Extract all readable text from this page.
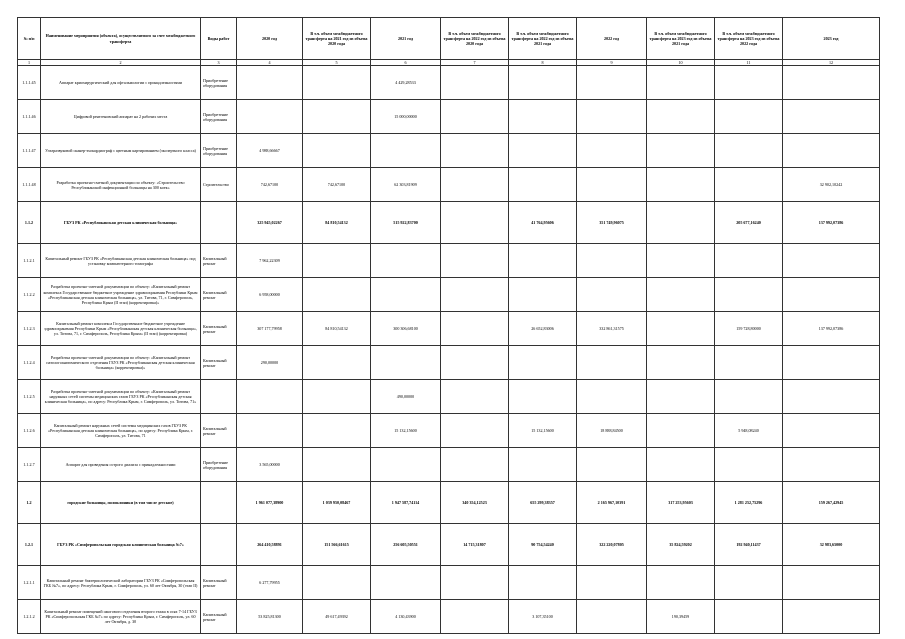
№ п/п	Наименование мероприятия (объекта), осуществляемого за счет межбюджетного трансферта	Виды работ	2020 год	В т.ч. объем межбюджетного трансферта на 2021 год из объема 2020 года	2021 год	В т.ч. объем межбюджетного трансферта на 2022 год из объема 2020 года	В т.ч. объем межбюджетного трансферта на 2022 год из объема 2021 года	2022 год	В т.ч. объем межбюджетного трансферта на 2023 год из объема 2021 года	В т.ч. объем межбюджетного трансферта на 2023 год из объема 2022 года	2023 год
1	2	3	4	5	6	7	8	9	10	11	12
1.1.1.45	Аппарат криохирургический для офтальмологии с принадлежностями	Приобретение оборудования			4 429,28533						
1.1.1.46	Цифровой рентгеновский аппарат на 2 рабочих места	Приобретение оборудования			15 000,00000						
1.1.1.47	Ультразвуковой сканер-эхокардиограф с цветным картированием (экспертного класса)	Приобретение оборудования	4 988,66667								
1.1.1.48	Разработка проектно-сметной документации по объекту: «Строительство Республиканской инфекционной больницы на 300 коек»	Строительство	742,67100	742,67100	62 303,81909						32 902,10242
1.1.2	ГБУЗ РК «Республиканская детская клиническая больница»		325 945,02267	84 810,54132	515 922,83700		41 764,95606	351 749,96075		205 677,16240	137 992,07386
1.1.2.1	Капитальный ремонт ГБУЗ РК «Республиканская детская клиническая больница» под установку компьютерного томографа	Капитальный ремонт	7 962,22309								
1.1.2.2	Разработка проектно-сметной документации по объекту: «Капитальный ремонт комплекса Государственное бюджетное учреждение здравоохранения Республики Крым «Республиканская детская клиническая больница», ул. Титова, 71, г. Симферополь, Республика Крым (II этап) (корректировка)»	Капитальный ремонт	6 958,00000								
1.1.2.3	Капитальный ремонт комплекса Государственное бюджетное учреждение здравоохранения Республики Крым «Республиканская детская клиническая больница», ул. Титова, 71, г. Симферополь, Республика Крым» (II этап) (корректировка)	Капитальный ремонт	307 177,79958	84 810,54132	300 306,68100		26 652,83006	332 861,31575		159 728,80000	137 992,07386
1.1.2.4	Разработка проектно-сметной документации по объекту: «Капитальный ремонт патологоанатомического отделения ГБУЗ РК «Республиканская детская клиническая больница» (корректировка)»	Капитальный ремонт	290,00000								
1.1.2.5	Разработка проектно-сметной документации по объекту: «Капитальный ремонт наружных сетей системы медицинских газов ГБУЗ РК «Республиканская детская клиническая больница», по адресу: Республика Крым, г. Симферополь, ул. Титова, 71»				490,00000						
1.1.2.6	Капитальный ремонт наружных сетей системы медицинских газов ГБУЗ РК «Республиканская детская клиническая больница», по адресу: Республика Крым, г. Симферополь, ул. Титова, 71	Капитальный ремонт			15 132,15600		15 132,15600	18 888,84500		5 948,08240	
1.1.2.7	Аппарат для проведения острого диализа с принадлежностями	Приобретение оборудования	3 565,00000								
1.2	городские больницы, поликлиники (в том числе детские)		1 961 077,38900	1 039 950,08467	1 947 587,74114	340 354,12523	655 299,38357	2 165 967,10391	317 253,95603	1 281 252,75296	159 267,42945
1.2.1	ГБУЗ РК «Симферопольская городская клиническая больница №7»		264 410,58891	151 566,61615	256 605,50551	14 715,31807	90 754,54240	322 220,07805	35 824,59202	192 940,11437	32 983,65000
1.2.1.1	Капитальный ремонт бактериологической лаборатории ГБУЗ РК «Симферопольская ГКБ №7», по адресу: Республика Крым, г. Симферополь, ул. 60 лет Октября, 30 (этап II)	Капитальный ремонт	6 277,79955								
1.2.1.2	Капитальный ремонт помещений ожогового отделения второго этажа в осях 7-14 ГБУЗ РК «Симферопольская ГКБ №7» по адресу: Республика Крым, г. Симферополь, ул. 60 лет Октября, д. 30	Капитальный ремонт	53 825,81300	49 617,49392	4 130,43900		3 107,35100		190,39459		
